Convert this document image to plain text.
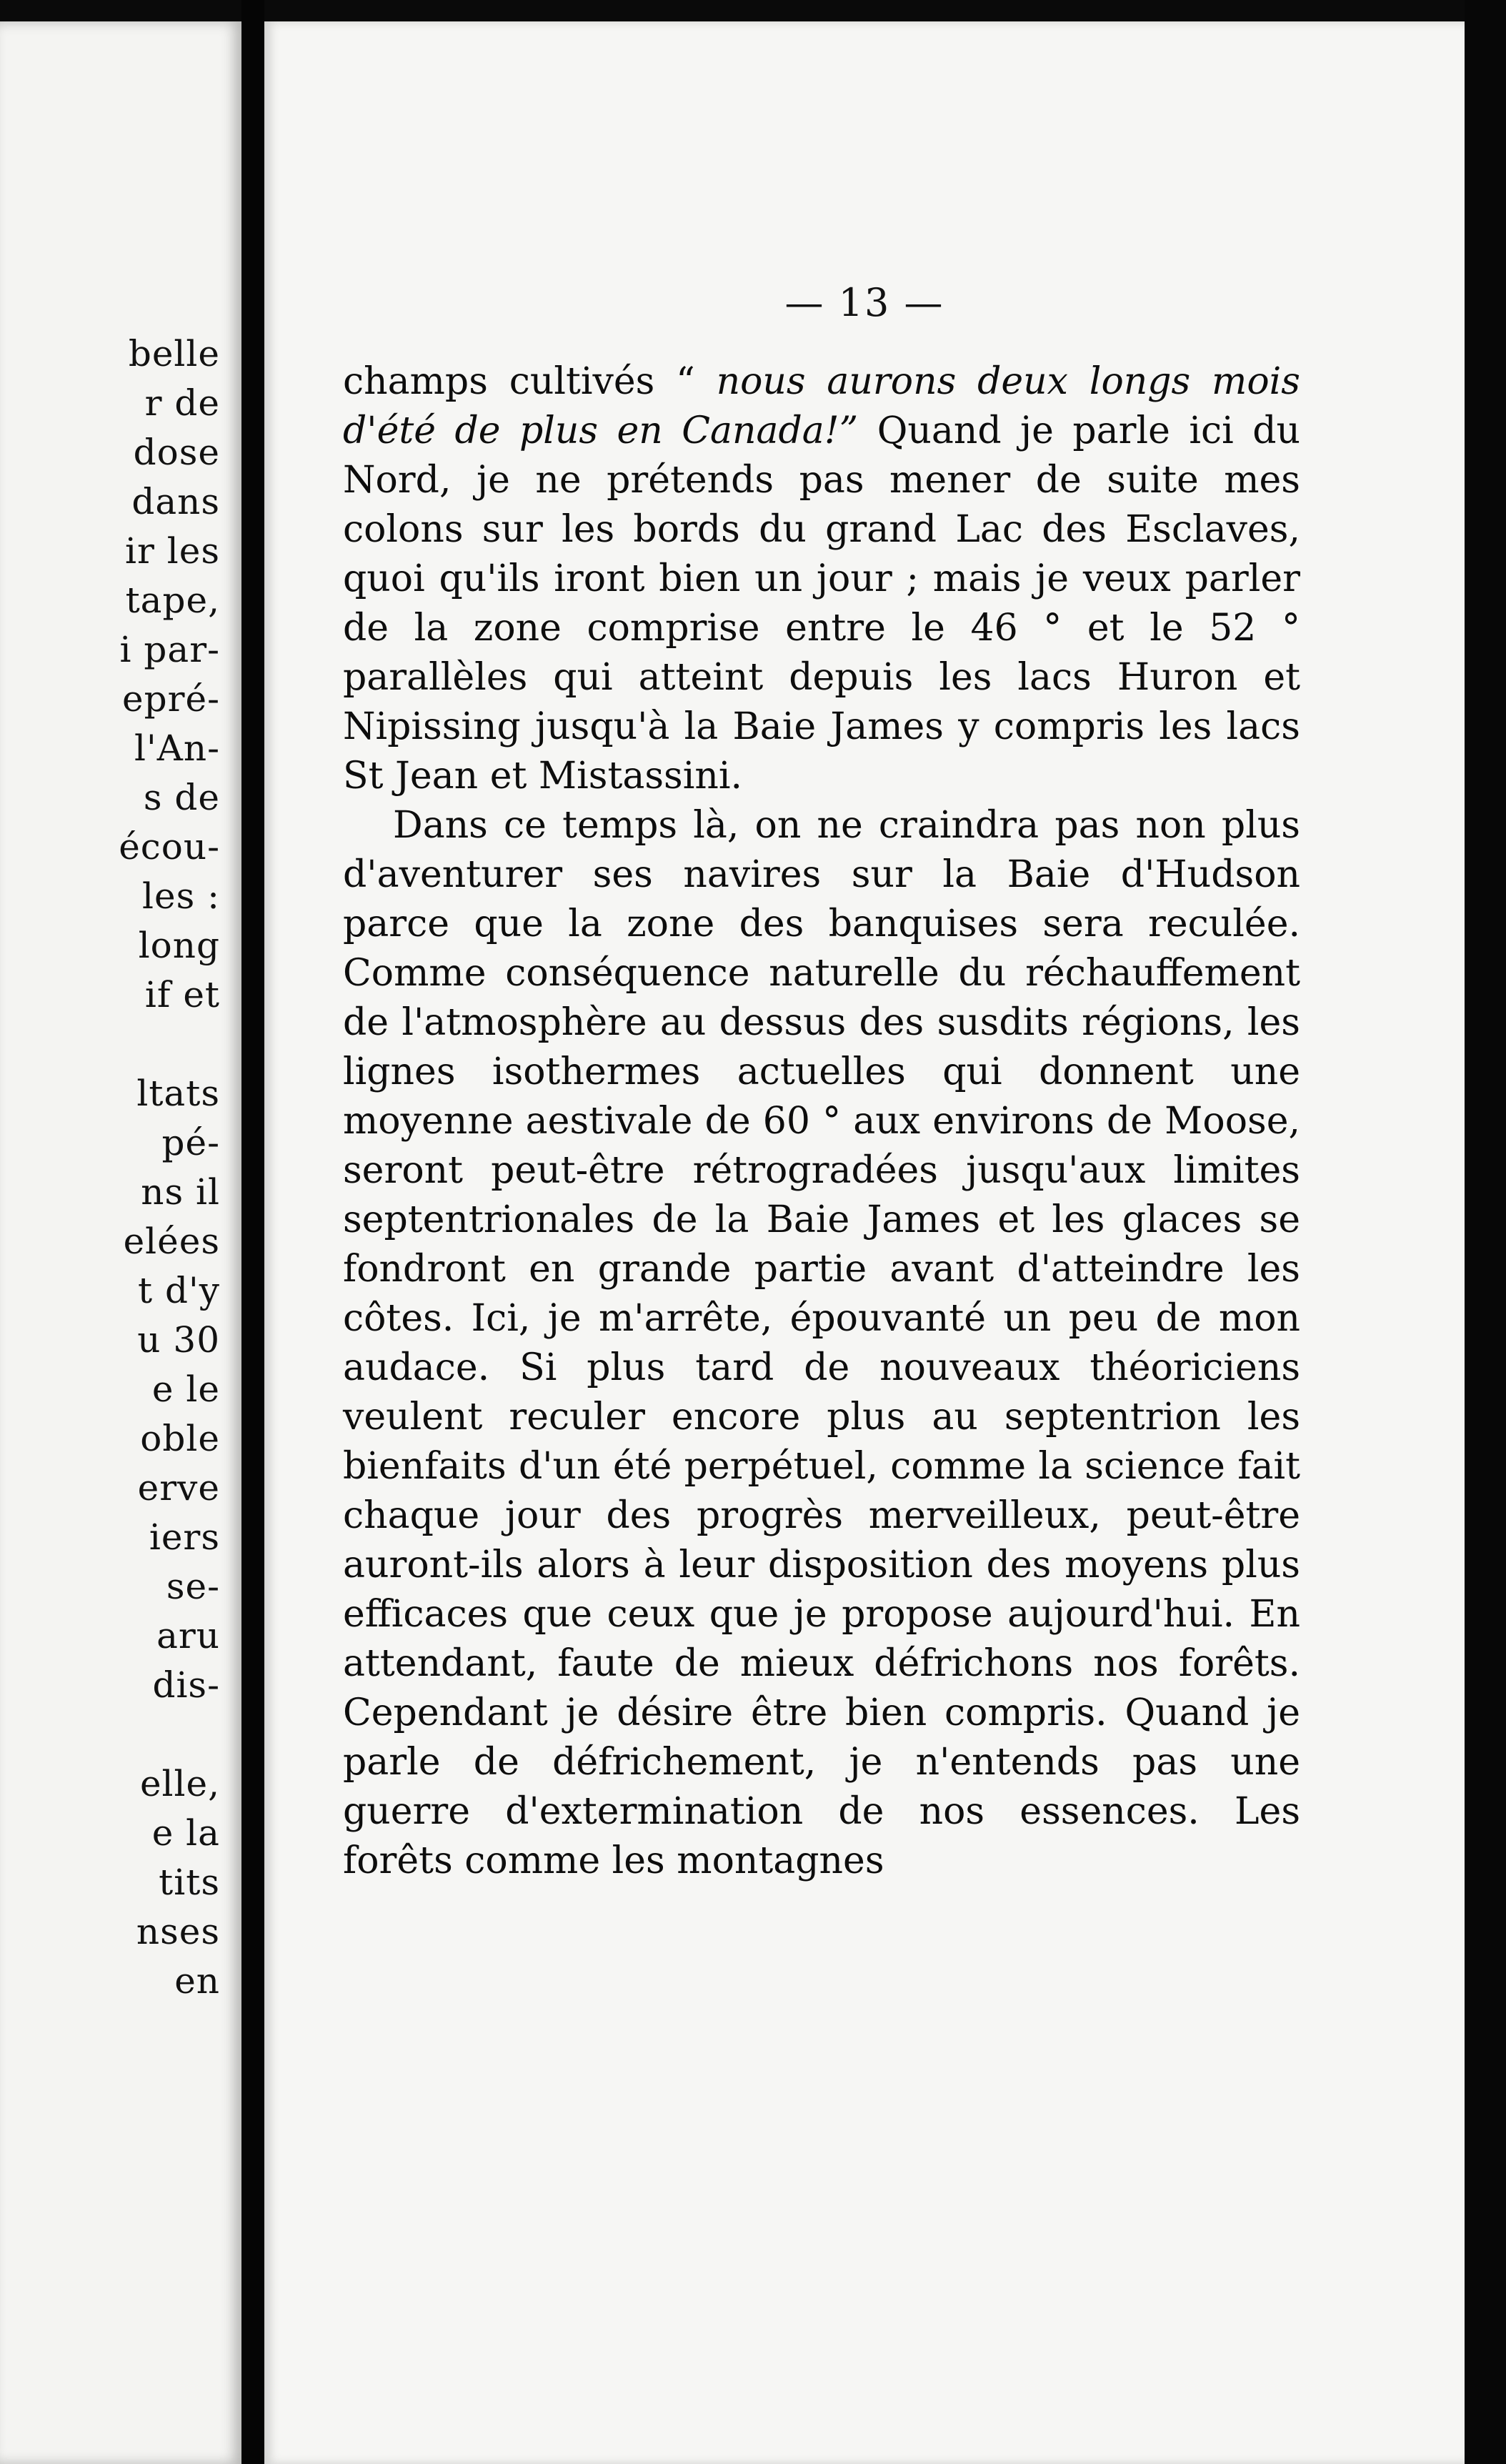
belle
r de
dose
dans
ir les
tape,
i par-
epré-
l'An-
s de
écou-
les :
long
if et
ltats
pé-
ns il
elées
t d'y
u 30
e le
oble
erve
iers
se-
aru
dis-
elle,
e la
tits
nses
en
— 13 —

champs cultivés “ nous aurons deux longs mois d'été de plus en Canada!” Quand je parle ici du Nord, je ne prétends pas mener de suite mes colons sur les bords du grand Lac des Esclaves, quoi qu'ils iront bien un jour ; mais je veux parler de la zone comprise entre le 46 ° et le 52 ° parallèles qui atteint depuis les lacs Huron et Nipissing jusqu'à la Baie James y compris les lacs St Jean et Mistassini.

Dans ce temps là, on ne craindra pas non plus d'aventurer ses navires sur la Baie d'Hudson parce que la zone des banquises sera reculée. Comme conséquence naturelle du réchauffement de l'atmosphère au dessus des susdits régions, les lignes isothermes actuelles qui donnent une moyenne aestivale de 60 ° aux environs de Moose, seront peut-être rétrogradées jusqu'aux limites septentrionales de la Baie James et les glaces se fondront en grande partie avant d'atteindre les côtes. Ici, je m'arrête, épouvanté un peu de mon audace. Si plus tard de nouveaux théoriciens veulent reculer encore plus au septentrion les bienfaits d'un été perpétuel, comme la science fait chaque jour des progrès merveilleux, peut-être auront-ils alors à leur disposition des moyens plus efficaces que ceux que je propose aujourd'hui. En attendant, faute de mieux défrichons nos forêts. Cependant je désire être bien compris. Quand je parle de défrichement, je n'entends pas une guerre d'extermination de nos essences. Les forêts comme les montagnes
